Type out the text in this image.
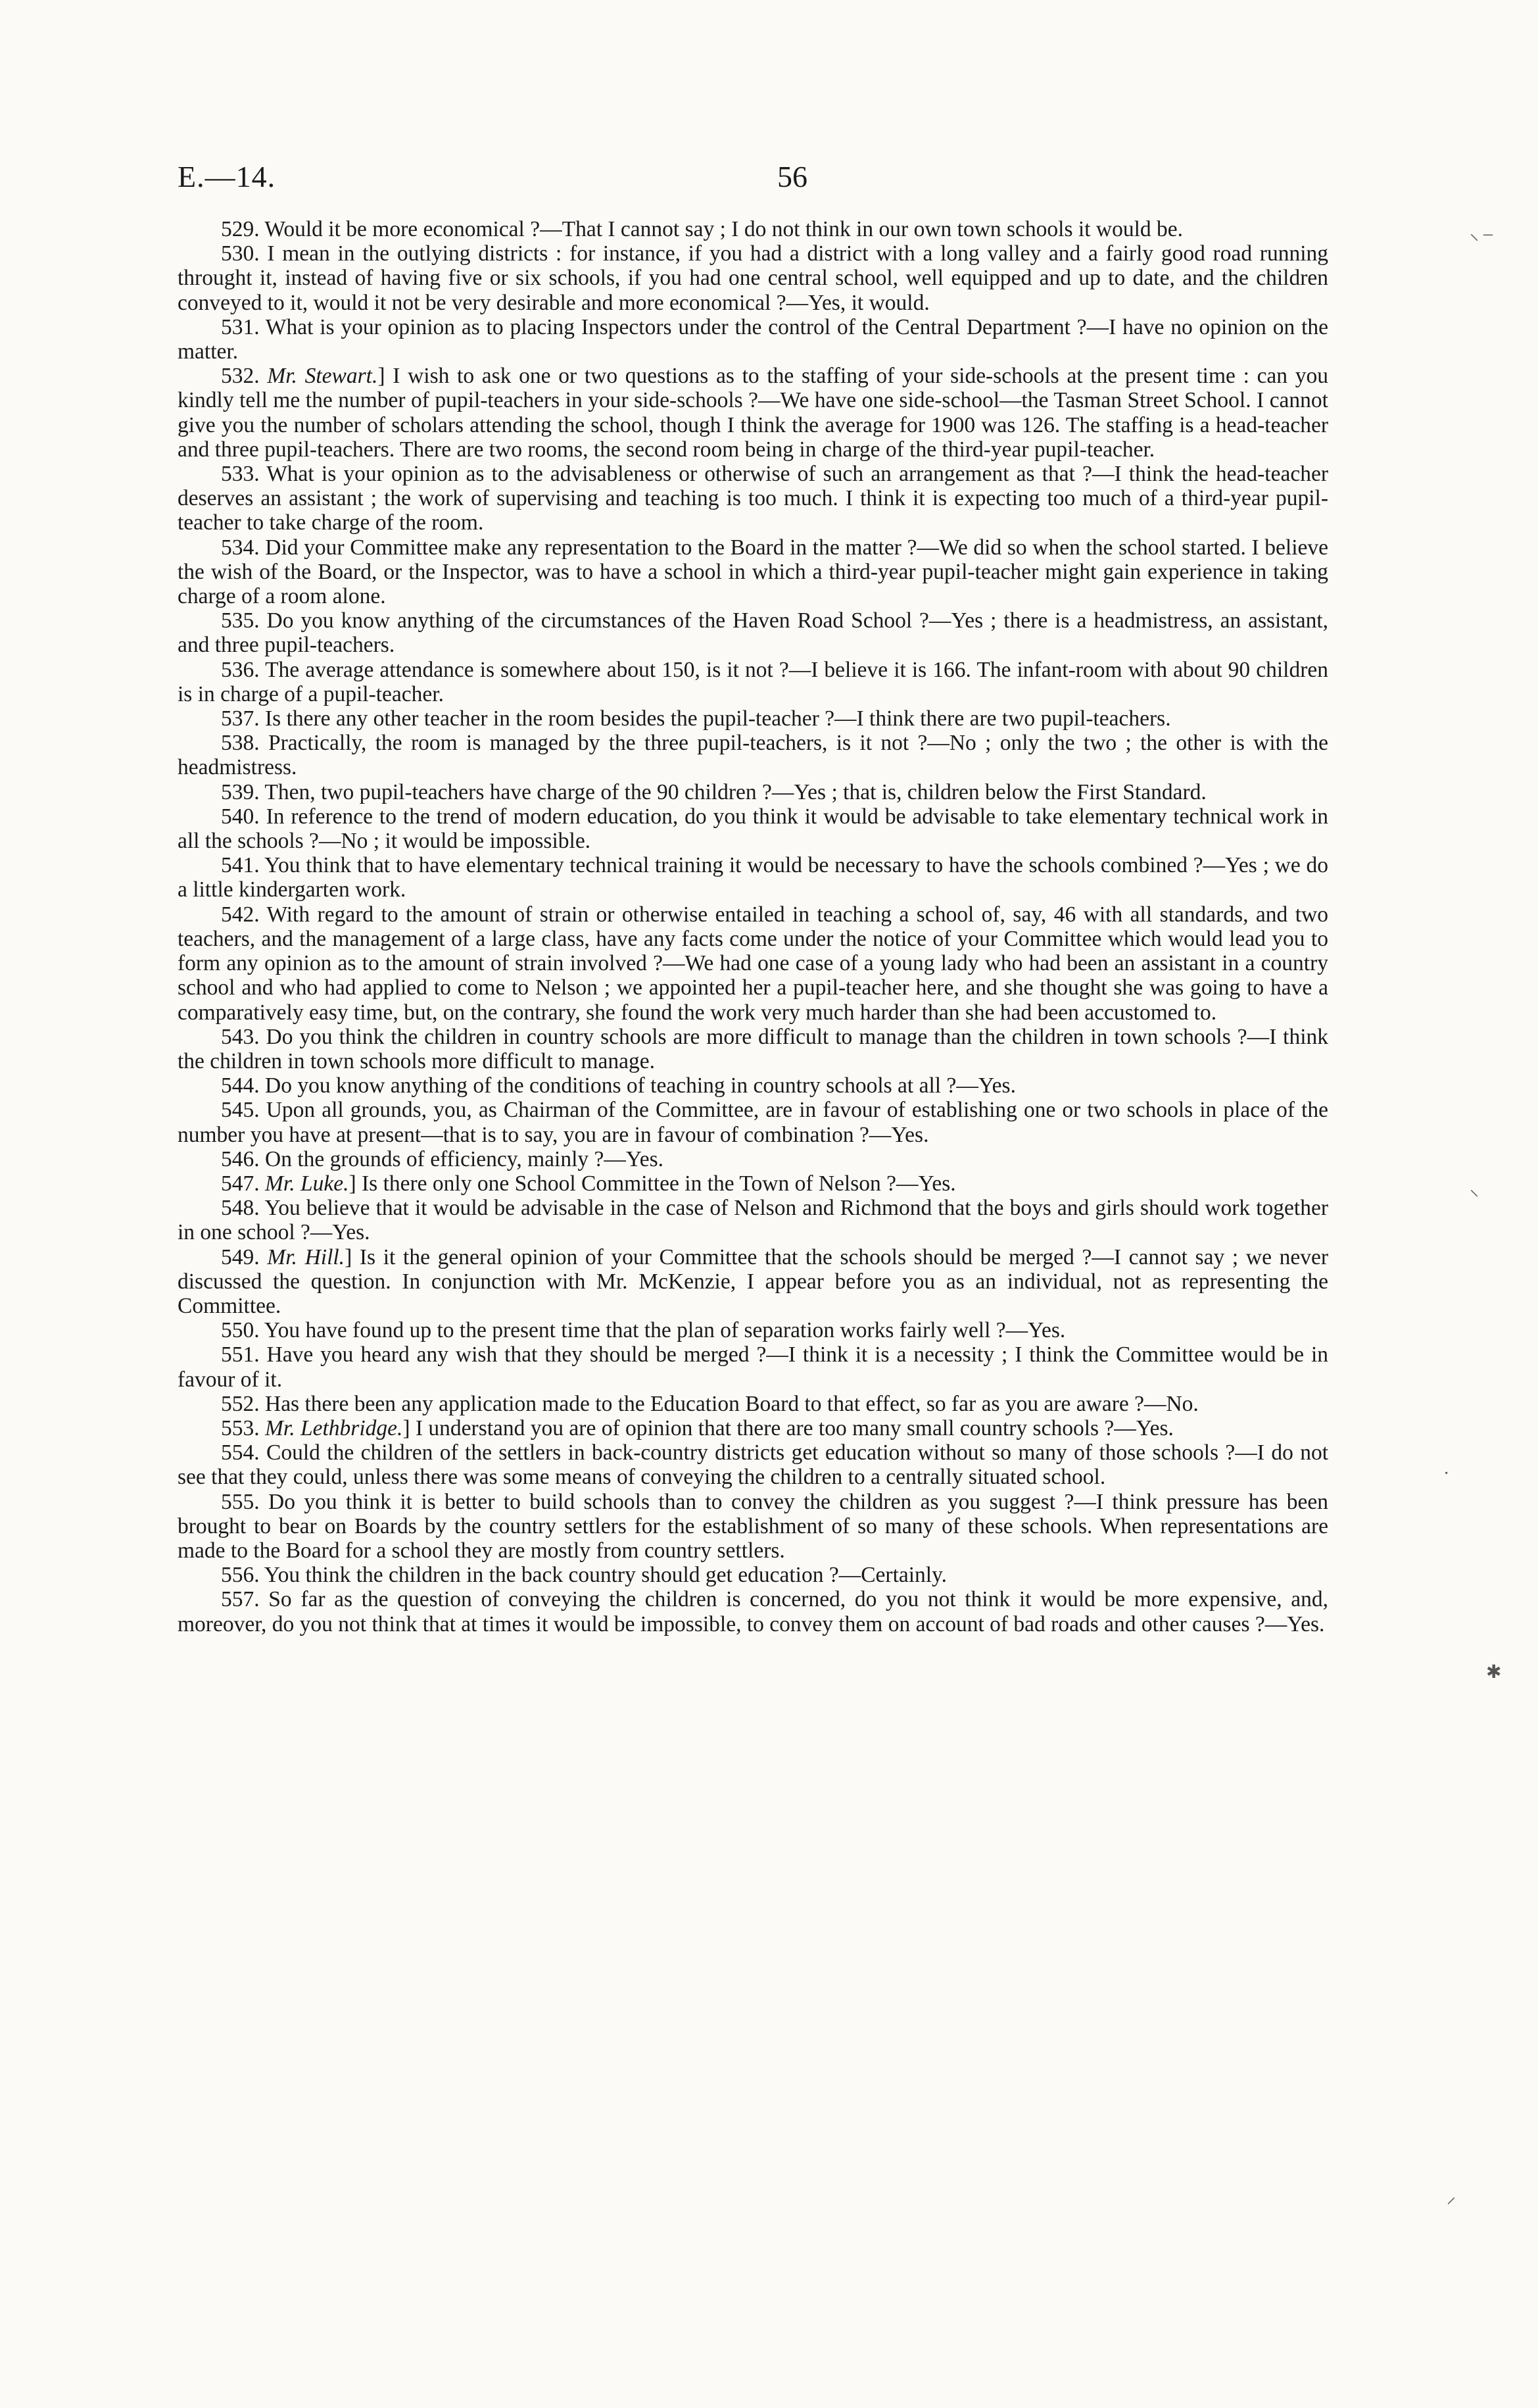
E.—14.	56

529. Would it be more economical ?—That I cannot say ; I do not think in our own town schools it would be.

530. I mean in the outlying districts : for instance, if you had a district with a long valley and a fairly good road running throught it, instead of having five or six schools, if you had one central school, well equipped and up to date, and the children conveyed to it, would it not be very desirable and more economical ?—Yes, it would.

531. What is your opinion as to placing Inspectors under the control of the Central Department ?—I have no opinion on the matter.

532. Mr. Stewart.] I wish to ask one or two questions as to the staffing of your side-schools at the present time : can you kindly tell me the number of pupil-teachers in your side-schools ?—We have one side-school—the Tasman Street School. I cannot give you the number of scholars attending the school, though I think the average for 1900 was 126. The staffing is a head-teacher and three pupil-teachers. There are two rooms, the second room being in charge of the third-year pupil-teacher.

533. What is your opinion as to the advisableness or otherwise of such an arrangement as that ?—I think the head-teacher deserves an assistant ; the work of supervising and teaching is too much. I think it is expecting too much of a third-year pupil-teacher to take charge of the room.

534. Did your Committee make any representation to the Board in the matter ?—We did so when the school started. I believe the wish of the Board, or the Inspector, was to have a school in which a third-year pupil-teacher might gain experience in taking charge of a room alone.

535. Do you know anything of the circumstances of the Haven Road School ?—Yes ; there is a headmistress, an assistant, and three pupil-teachers.

536. The average attendance is somewhere about 150, is it not ?—I believe it is 166. The infant-room with about 90 children is in charge of a pupil-teacher.

537. Is there any other teacher in the room besides the pupil-teacher ?—I think there are two pupil-teachers.

538. Practically, the room is managed by the three pupil-teachers, is it not ?—No ; only the two ; the other is with the headmistress.

539. Then, two pupil-teachers have charge of the 90 children ?—Yes ; that is, children below the First Standard.

540. In reference to the trend of modern education, do you think it would be advisable to take elementary technical work in all the schools ?—No ; it would be impossible.

541. You think that to have elementary technical training it would be necessary to have the schools combined ?—Yes ; we do a little kindergarten work.

542. With regard to the amount of strain or otherwise entailed in teaching a school of, say, 46 with all standards, and two teachers, and the management of a large class, have any facts come under the notice of your Committee which would lead you to form any opinion as to the amount of strain involved ?—We had one case of a young lady who had been an assistant in a country school and who had applied to come to Nelson ; we appointed her a pupil-teacher here, and she thought she was going to have a comparatively easy time, but, on the contrary, she found the work very much harder than she had been accustomed to.

543. Do you think the children in country schools are more difficult to manage than the children in town schools ?—I think the children in town schools more difficult to manage.

544. Do you know anything of the conditions of teaching in country schools at all ?—Yes.

545. Upon all grounds, you, as Chairman of the Committee, are in favour of establishing one or two schools in place of the number you have at present—that is to say, you are in favour of combination ?—Yes.

546. On the grounds of efficiency, mainly ?—Yes.

547. Mr. Luke.] Is there only one School Committee in the Town of Nelson ?—Yes.

548. You believe that it would be advisable in the case of Nelson and Richmond that the boys and girls should work together in one school ?—Yes.

549. Mr. Hill.] Is it the general opinion of your Committee that the schools should be merged ?—I cannot say ; we never discussed the question. In conjunction with Mr. McKenzie, I appear before you as an individual, not as representing the Committee.

550. You have found up to the present time that the plan of separation works fairly well ?—Yes.

551. Have you heard any wish that they should be merged ?—I think it is a necessity ; I think the Committee would be in favour of it.

552. Has there been any application made to the Education Board to that effect, so far as you are aware ?—No.

553. Mr. Lethbridge.] I understand you are of opinion that there are too many small country schools ?—Yes.

554. Could the children of the settlers in back-country districts get education without so many of those schools ?—I do not see that they could, unless there was some means of conveying the children to a centrally situated school.

555. Do you think it is better to build schools than to convey the children as you suggest ?—I think pressure has been brought to bear on Boards by the country settlers for the establishment of so many of these schools. When representations are made to the Board for a school they are mostly from country settlers.

556. You think the children in the back country should get education ?—Certainly.

557. So far as the question of conveying the children is concerned, do you not think it would be more expensive, and, moreover, do you not think that at times it would be impossible, to convey them on account of bad roads and other causes ?—Yes.

⸜ –
⸌
·
✱
⸝
